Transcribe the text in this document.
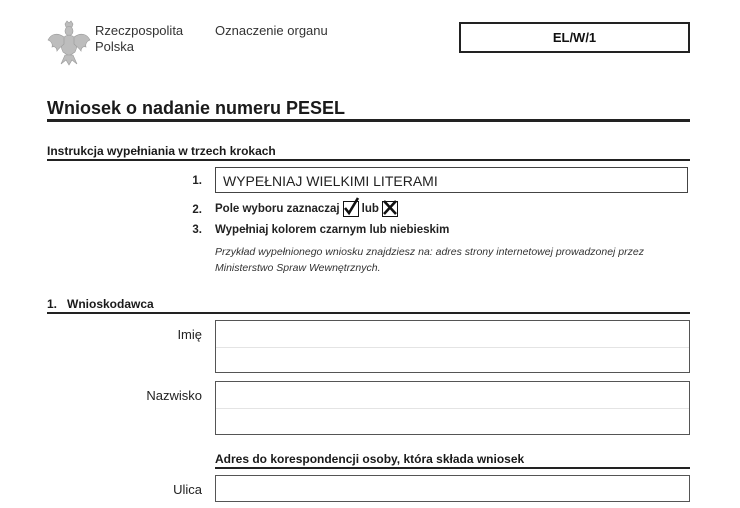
Rzeczpospolita
Polska
Oznaczenie organu	EL/W/1
Wniosek o nadanie numeru PESEL
Instrukcja wypełniania w trzech krokach
1.	WYPEŁNIAJ WIELKIMI LITERAMI
2. Pole wyboru zaznaczaj lub
3. Wypełniaj kolorem czarnym lub niebieskim
Przykład wypełnionego wniosku znajdziesz na: adres strony internetowej prowadzonej przez
Ministerstwo Spraw Wewnętrznych.
1.   Wnioskodawca
Imię
Nazwisko
Adres do korespondencji osoby, która składa wniosek
Ulica
